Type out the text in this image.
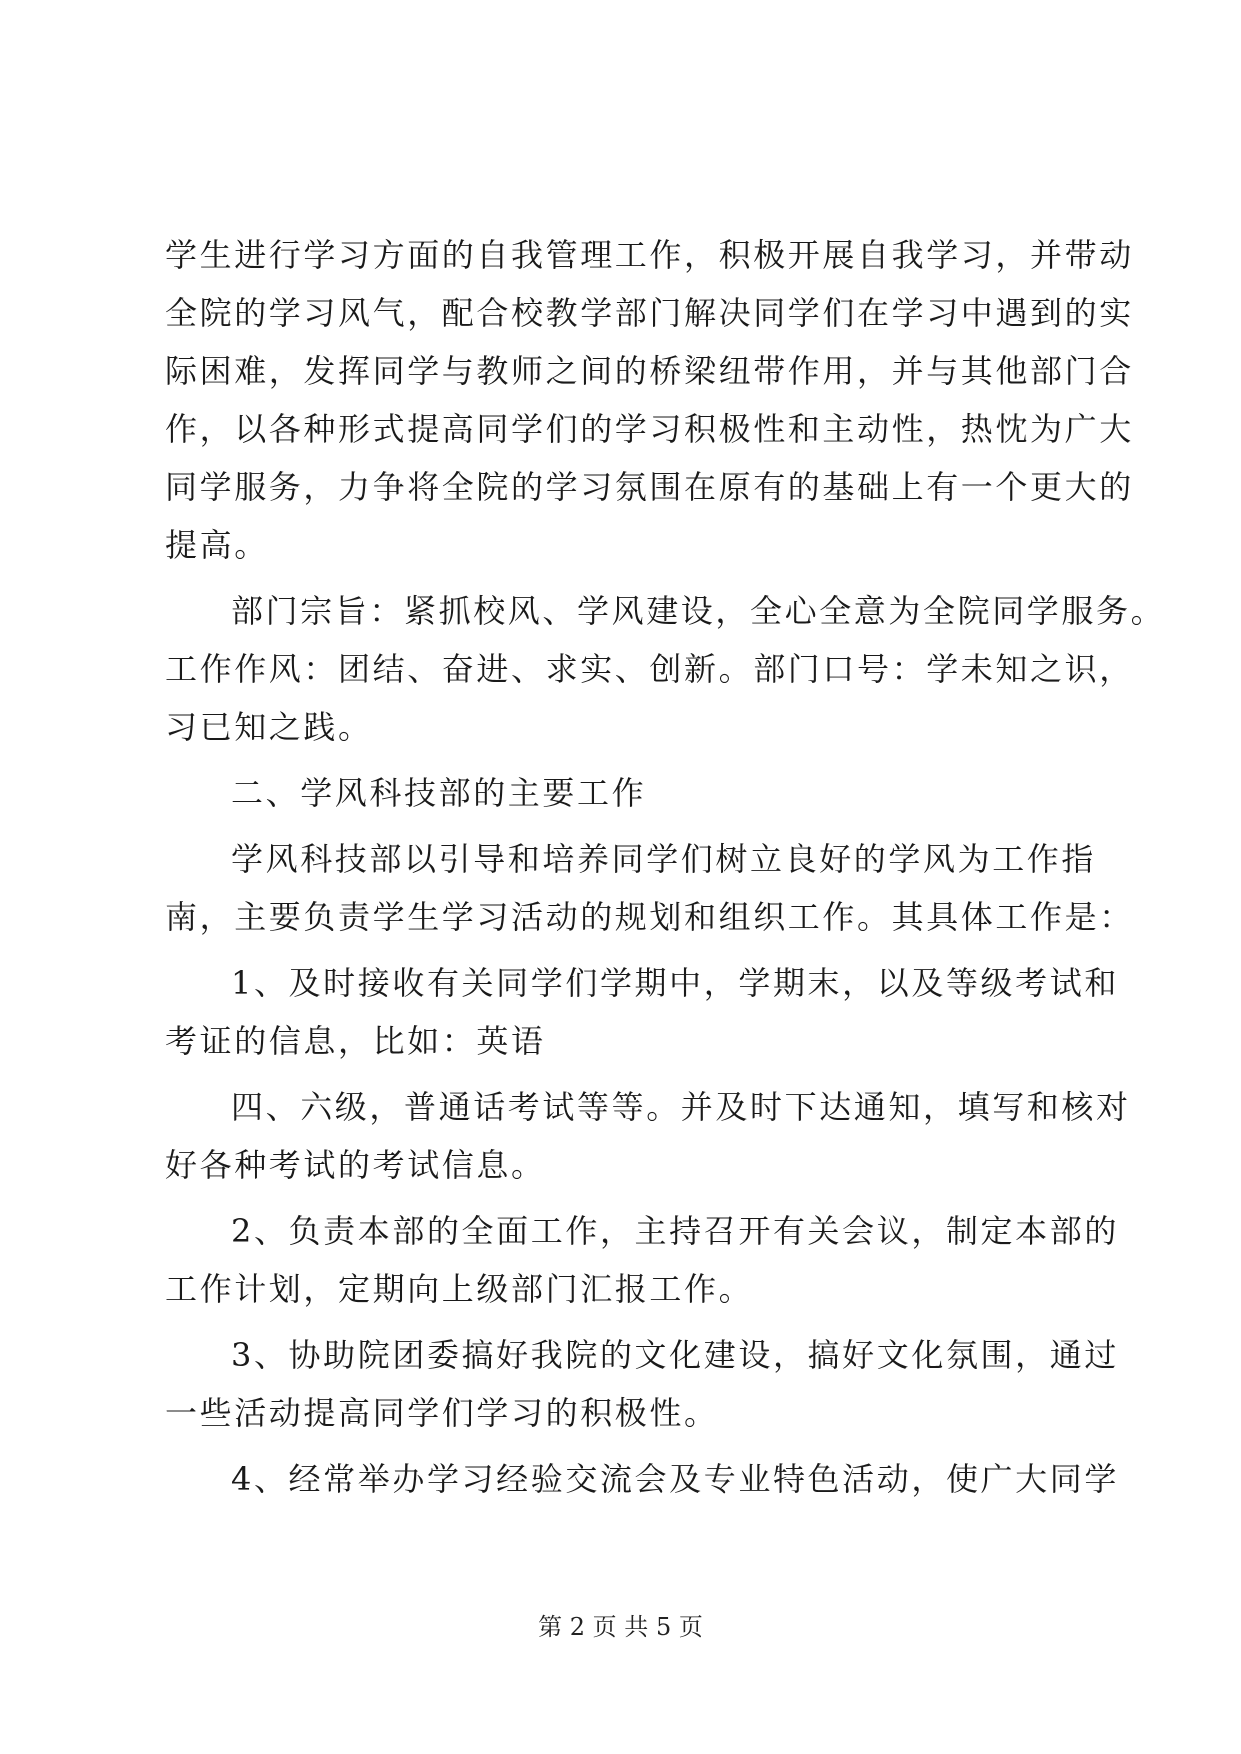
学生进行学习方面的自我管理工作，积极开展自我学习，并带动
全院的学习风气，配合校教学部门解决同学们在学习中遇到的实
际困难，发挥同学与教师之间的桥梁纽带作用，并与其他部门合
作，以各种形式提高同学们的学习积极性和主动性，热忱为广大
同学服务，力争将全院的学习氛围在原有的基础上有一个更大的
提高。
部门宗旨：紧抓校风、学风建设，全心全意为全院同学服务。
工作作风：团结、奋进、求实、创新。部门口号：学未知之识，
习已知之践。
二、学风科技部的主要工作
学风科技部以引导和培养同学们树立良好的学风为工作指
南，主要负责学生学习活动的规划和组织工作。其具体工作是：
1、及时接收有关同学们学期中，学期末，以及等级考试和
考证的信息，比如：英语
四、六级，普通话考试等等。并及时下达通知，填写和核对
好各种考试的考试信息。
2、负责本部的全面工作，主持召开有关会议，制定本部的
工作计划，定期向上级部门汇报工作。
3、协助院团委搞好我院的文化建设，搞好文化氛围，通过
一些活动提高同学们学习的积极性。
4、经常举办学习经验交流会及专业特色活动，使广大同学
第 2 页 共 5 页
